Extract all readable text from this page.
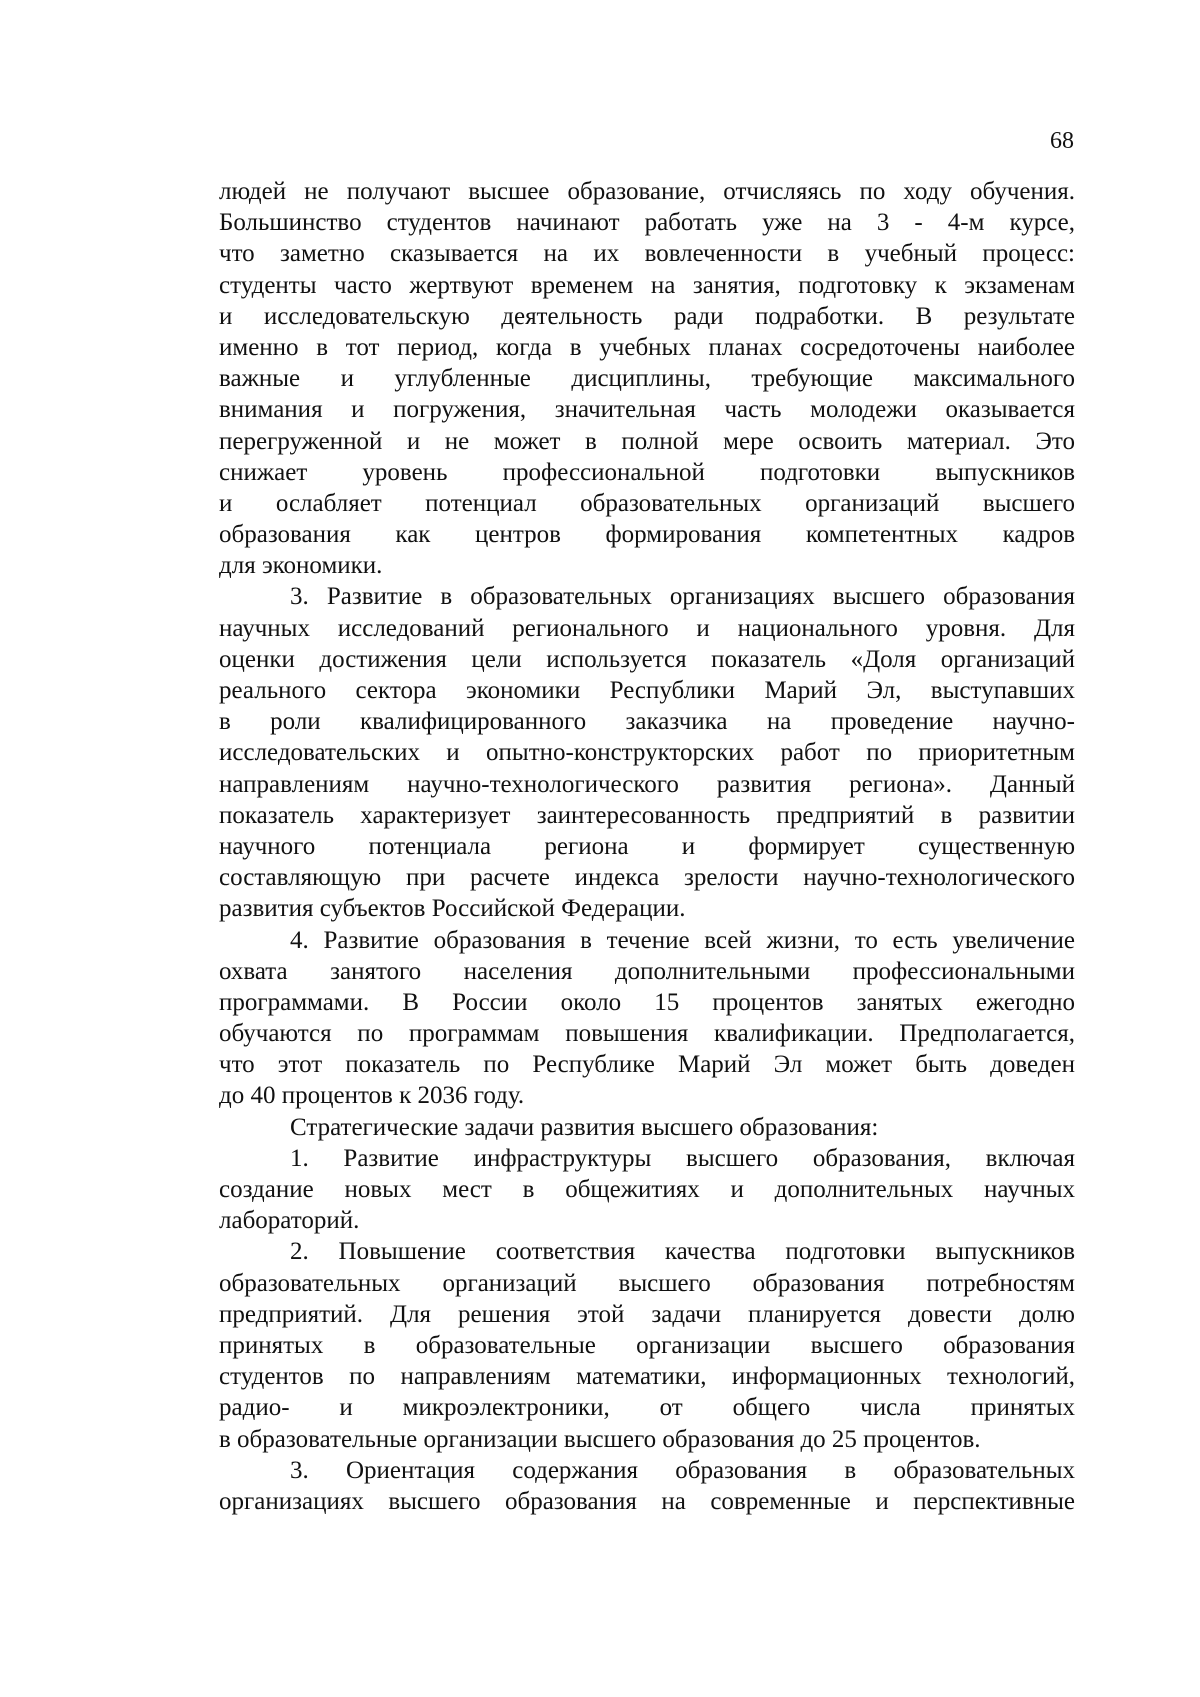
68
людей не получают высшее образование, отчисляясь по ходу обучения.
Большинство студентов начинают работать уже на 3 - 4-м курсе,
что заметно сказывается на их вовлеченности в учебный процесс:
студенты часто жертвуют временем на занятия, подготовку к экзаменам
и исследовательскую деятельность ради подработки. В результате
именно в тот период, когда в учебных планах сосредоточены наиболее
важные и углубленные дисциплины, требующие максимального
внимания и погружения, значительная часть молодежи оказывается
перегруженной и не может в полной мере освоить материал. Это
снижает уровень профессиональной подготовки выпускников
и ослабляет потенциал образовательных организаций высшего
образования как центров формирования компетентных кадров
для экономики.
3. Развитие в образовательных организациях высшего образования
научных исследований регионального и национального уровня. Для
оценки достижения цели используется показатель «Доля организаций
реального сектора экономики Республики Марий Эл, выступавших
в роли квалифицированного заказчика на проведение научно-
исследовательских и опытно-конструкторских работ по приоритетным
направлениям научно-технологического развития региона». Данный
показатель характеризует заинтересованность предприятий в развитии
научного потенциала региона и формирует существенную
составляющую при расчете индекса зрелости научно-технологического
развития субъектов Российской Федерации.
4. Развитие образования в течение всей жизни, то есть увеличение
охвата занятого населения дополнительными профессиональными
программами. В России около 15 процентов занятых ежегодно
обучаются по программам повышения квалификации. Предполагается,
что этот показатель по Республике Марий Эл может быть доведен
до 40 процентов к 2036 году.
Стратегические задачи развития высшего образования:
1. Развитие инфраструктуры высшего образования, включая
создание новых мест в общежитиях и дополнительных научных
лабораторий.
2. Повышение соответствия качества подготовки выпускников
образовательных организаций высшего образования потребностям
предприятий. Для решения этой задачи планируется довести долю
принятых в образовательные организации высшего образования
студентов по направлениям математики, информационных технологий,
радио- и микроэлектроники, от общего числа принятых
в образовательные организации высшего образования до 25 процентов.
3. Ориентация содержания образования в образовательных
организациях высшего образования на современные и перспективные
